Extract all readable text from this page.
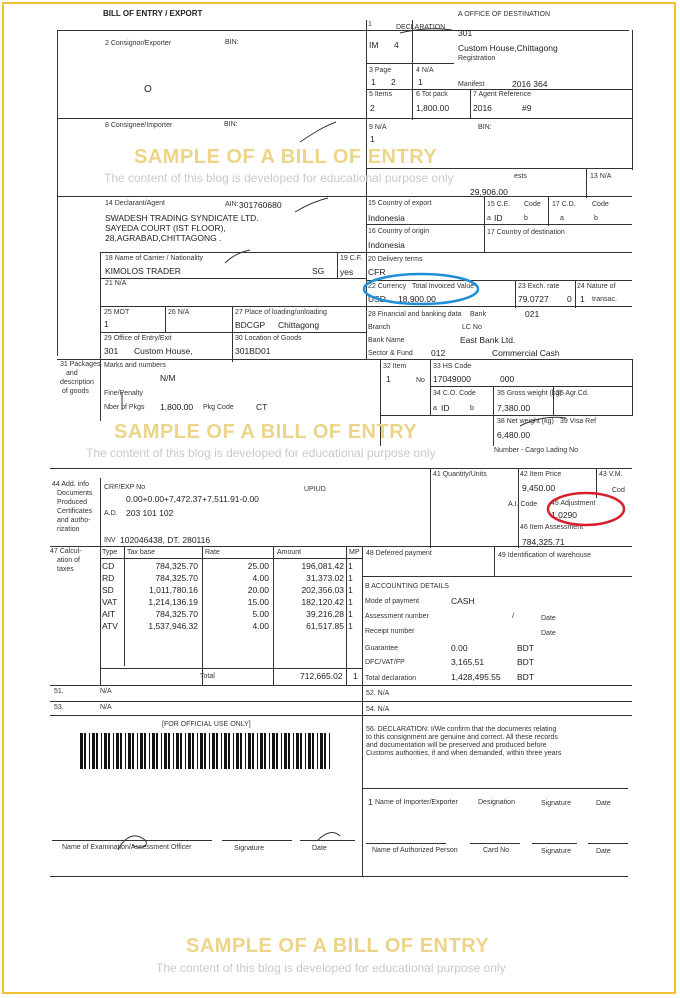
BILL OF ENTRY / EXPORT	A OFFICE OF DESTINATION
1	DECLARATION
IM 4
301
Custom House,Chittagong
Registration
Manifest	2016 364
2 Consignor/Exporter	BIN:
O
3 Page
1 2
4 N/A
1
5 Items
2
6 Tot pack
1,800.00
7 Agent Reference
2016	#9
8 Consignee/Importer	BIN:	9 N/A	BIN:
1
ests	13 N/A
29,906.00
14 Declarant/Agent	AIN: 301760680
SWADESH TRADING SYNDICATE LTD.
SAYEDA COURT (IST FLOOR),
28,AGRABAD,CHITTAGONG .
15 Country of export
Indonesia
15 C.E. Code
a ID	b
17 C.D. Code
a	b
16 Country of origin
Indonesia
17 Country of destination
18 Name of Carrier / Nationality
KIMOLOS TRADER	SG
19 C.F.
yes
20 Delivery terms
CFR
21 N/A	22 Currency Total Invoiced Value
USD 18,900.00
23 Exch. rate
79.0727
24 Nature of
0 1 transac.
25 MOT
1
26 N/A	27 Place of loading/unloading
BDCGP Chittagong
28 Financial and banking data Bank	021
Branch	LC No
Bank Name	East Bank Ltd.
Sector & Fund 012	Commercial Cash
29 Office of Entry/Exit
301 Custom House,
30 Location of Goods
301BD01
31 Packages
and
description
of goods
Marks and numbers
N/M
Fine/Penalty
Nber of Pkgs 1,800.00 Pkg Code	CT
32 Item
1	No
33 HS Code
17049000	000
34 C.O. Code
a ID	b
35 Gross weight (kg)
7,380.00
36 Agr.Cd.
38 Net weight (kg)
6,480.00
39 Visa Ref
Number - Cargo Lading No
41 Quantity/Units	42 Item Price
9,450.00
43 V.M.
Cod
A.I. Code 45 Adjustment
1.0290
46 Item Assessment
784,325.71
44 Add. info
Documents
Produced
Certificates
and autho-
rization
CRF/EXP No	UPIUD
0.00+0.00+7,472.37+7,511.91-0.00
A.D. 203 101 102
INV 102046438, DT. 280116
47 Calcul-
ation of
taxes
Type Tax base	Rate	Amount	MP
CD	784,325.70	25.00	196,081.42 1
RD	784,325.70	4.00	31,373.02 1
SD	1,011,780.16	20.00	202,356.03 1
VAT	1,214,136.19	15.00	182,120.42 1
AIT	784,325.70	5.00	39,216.28 1
ATV	1,537,946.32	4.00	61,517.85 1
Total	712,665.02 1
48 Deferred payment	49 Identification of warehouse
B ACCOUNTING DETAILS
Mode of payment	CASH
Assessment number	/	Date
Receipt number	Date
Guarantee	0.00	BDT
DFC/VAT/FP	3,165.51	BDT
Total declaration	1,428,495.55 BDT
51.	N/A	52. N/A
53.	N/A	54. N/A
[FOR OFFICIAL USE ONLY]
56. DECLARATION: I/We confirm that the documents relating
to this consignment are genuine and correct. All these records
and documentation will be preserved and produced before
Customs authorities, if and when demanded, within three years
1 Name of Importer/Exporter	Designation	Signature	Date
Name of Authorized Person	Card No.	Signature	Date
Name of Examination/Assessment Officer	Signature	Date
SAMPLE OF A BILL OF ENTRY
The content of this blog is developed for educational purpose only
SAMPLE OF A BILL OF ENTRY
The content of this blog is developed for educational purpose only
SAMPLE OF A BILL OF ENTRY
The content of this blog is developed for educational purpose only
